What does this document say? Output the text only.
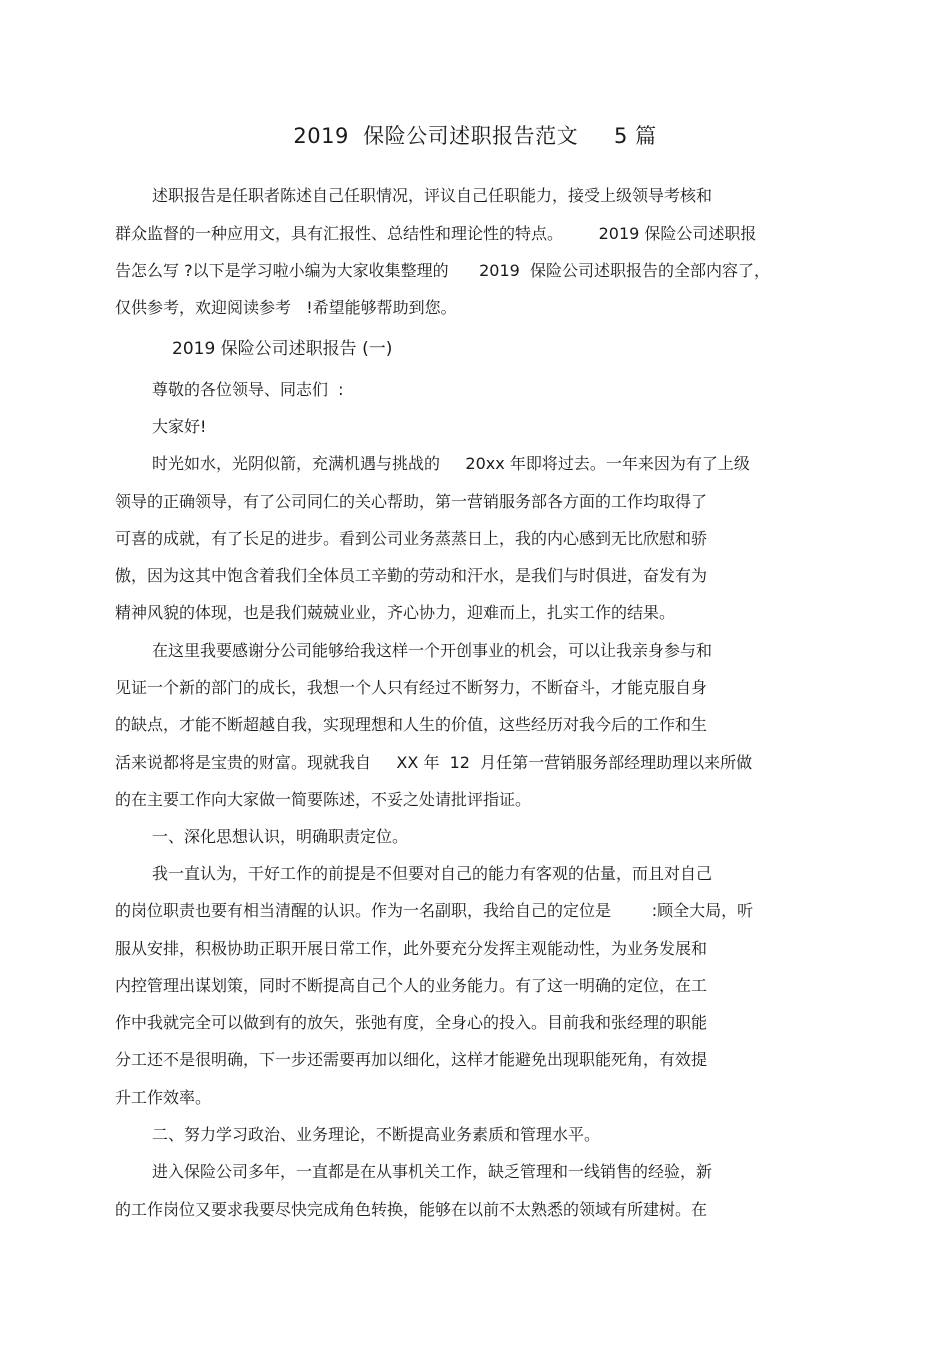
2019  保险公司述职报告范文     5 篇
述职报告是任职者陈述自己任职情况，评议自己任职能力，接受上级领导考核和
群众监督的一种应用文，具有汇报性、总结性和理论性的特点。       2019 保险公司述职报
告怎么写 ?以下是学习啦小编为大家收集整理的      2019  保险公司述职报告的全部内容了，
仅供参考，欢迎阅读参考   !希望能够帮助到您。
2019 保险公司述职报告 (一)
尊敬的各位领导、同志们  :
大家好!
时光如水，光阴似箭，充满机遇与挑战的     20xx 年即将过去。一年来因为有了上级
领导的正确领导，有了公司同仁的关心帮助，第一营销服务部各方面的工作均取得了
可喜的成就，有了长足的进步。看到公司业务蒸蒸日上，我的内心感到无比欣慰和骄
傲，因为这其中饱含着我们全体员工辛勤的劳动和汗水，是我们与时俱进，奋发有为
精神风貌的体现，也是我们兢兢业业，齐心协力，迎难而上，扎实工作的结果。
在这里我要感谢分公司能够给我这样一个开创事业的机会，可以让我亲身参与和
见证一个新的部门的成长，我想一个人只有经过不断努力，不断奋斗，才能克服自身
的缺点，才能不断超越自我，实现理想和人生的价值，这些经历对我今后的工作和生
活来说都将是宝贵的财富。现就我自     XX 年  12  月任第一营销服务部经理助理以来所做
的在主要工作向大家做一简要陈述，不妥之处请批评指证。
一、深化思想认识，明确职责定位。
我一直认为，干好工作的前提是不但要对自己的能力有客观的估量，而且对自己
的岗位职责也要有相当清醒的认识。作为一名副职，我给自己的定位是        :顾全大局，听
服从安排，积极协助正职开展日常工作，此外要充分发挥主观能动性，为业务发展和
内控管理出谋划策，同时不断提高自己个人的业务能力。有了这一明确的定位，在工
作中我就完全可以做到有的放矢，张弛有度，全身心的投入。目前我和张经理的职能
分工还不是很明确，下一步还需要再加以细化，这样才能避免出现职能死角，有效提
升工作效率。
二、努力学习政治、业务理论，不断提高业务素质和管理水平。
进入保险公司多年，一直都是在从事机关工作，缺乏管理和一线销售的经验，新
的工作岗位又要求我要尽快完成角色转换，能够在以前不太熟悉的领域有所建树。在
